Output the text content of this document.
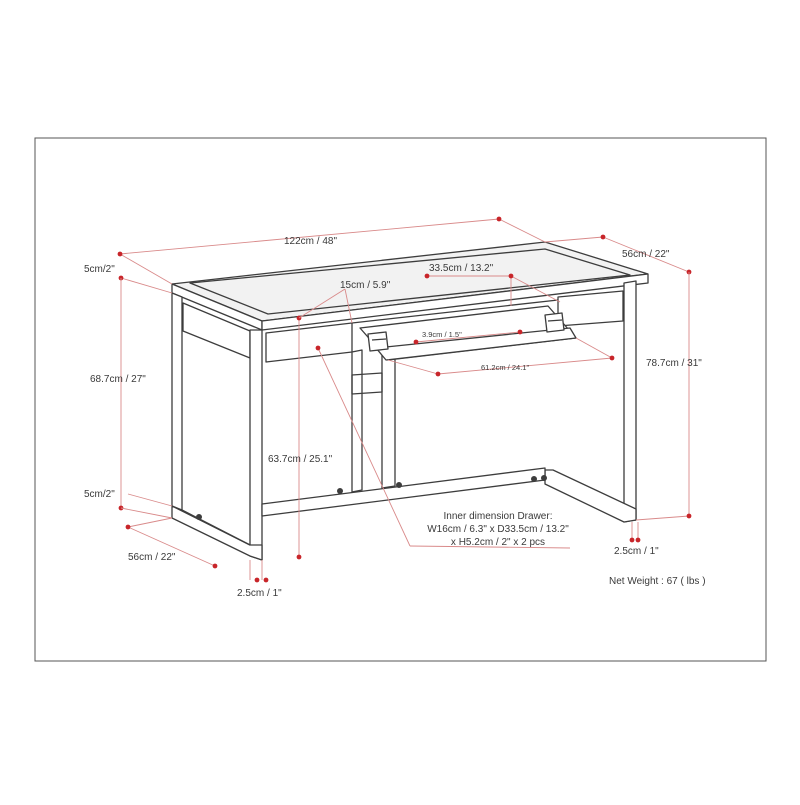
122cm / 48"
56cm / 22"
5cm/2"
15cm / 5.9"
33.5cm / 13.2"
3.9cm / 1.5"
61.2cm / 24.1"
68.7cm / 27"
78.7cm / 31"
63.7cm / 25.1"
5cm/2"
56cm / 22"
2.5cm / 1"
2.5cm / 1"
Inner dimension Drawer:
W16cm / 6.3" x D33.5cm / 13.2"
x H5.2cm / 2" x 2 pcs
Net Weight : 67 ( lbs )
